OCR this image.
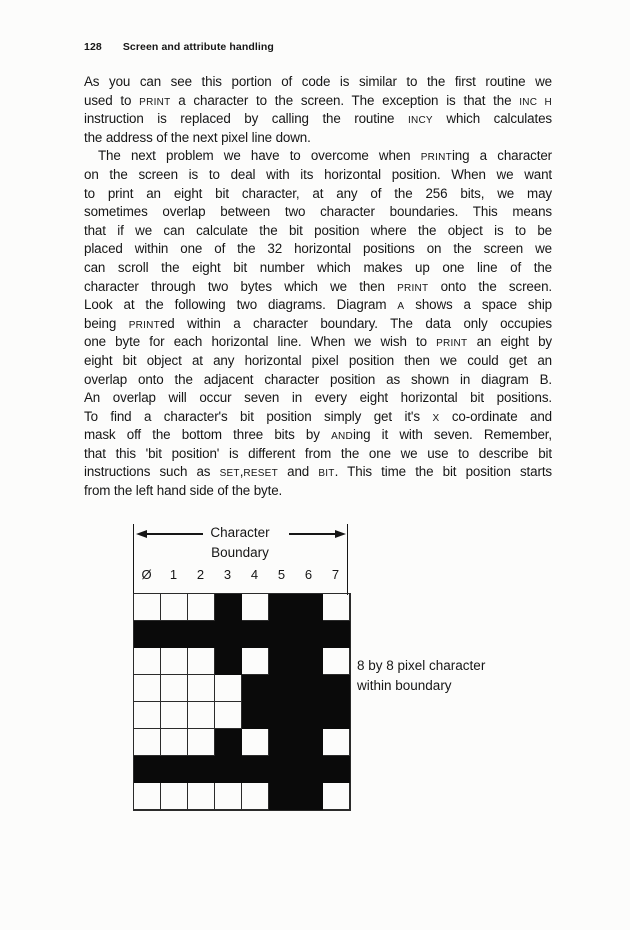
128 Screen and attribute handling
As you can see this portion of code is similar to the first routine we
used to PRINT a character to the screen. The exception is that the INC H
instruction is replaced by calling the routine INCY which calculates
the address of the next pixel line down.
The next problem we have to overcome when PRINTing a character
on the screen is to deal with its horizontal position. When we want
to print an eight bit character, at any of the 256 bits, we may
sometimes overlap between two character boundaries. This means
that if we can calculate the bit position where the object is to be
placed within one of the 32 horizontal positions on the screen we
can scroll the eight bit number which makes up one line of the
character through two bytes which we then PRINT onto the screen.
Look at the following two diagrams. Diagram A shows a space ship
being PRINTed within a character boundary. The data only occupies
one byte for each horizontal line. When we wish to PRINT an eight by
eight bit object at any horizontal pixel position then we could get an
overlap onto the adjacent character position as shown in diagram B.
An overlap will occur seven in every eight horizontal bit positions.
To find a character's bit position simply get it's X co-ordinate and
mask off the bottom three bits by ANDing it with seven. Remember,
that this 'bit position' is different from the one we use to describe bit
instructions such as SET,RESET and BIT. This time the bit position starts
from the left hand side of the byte.
Character
Boundary
Ø	1	2	3	4	5	6	7
8 by 8 pixel character
within boundary
